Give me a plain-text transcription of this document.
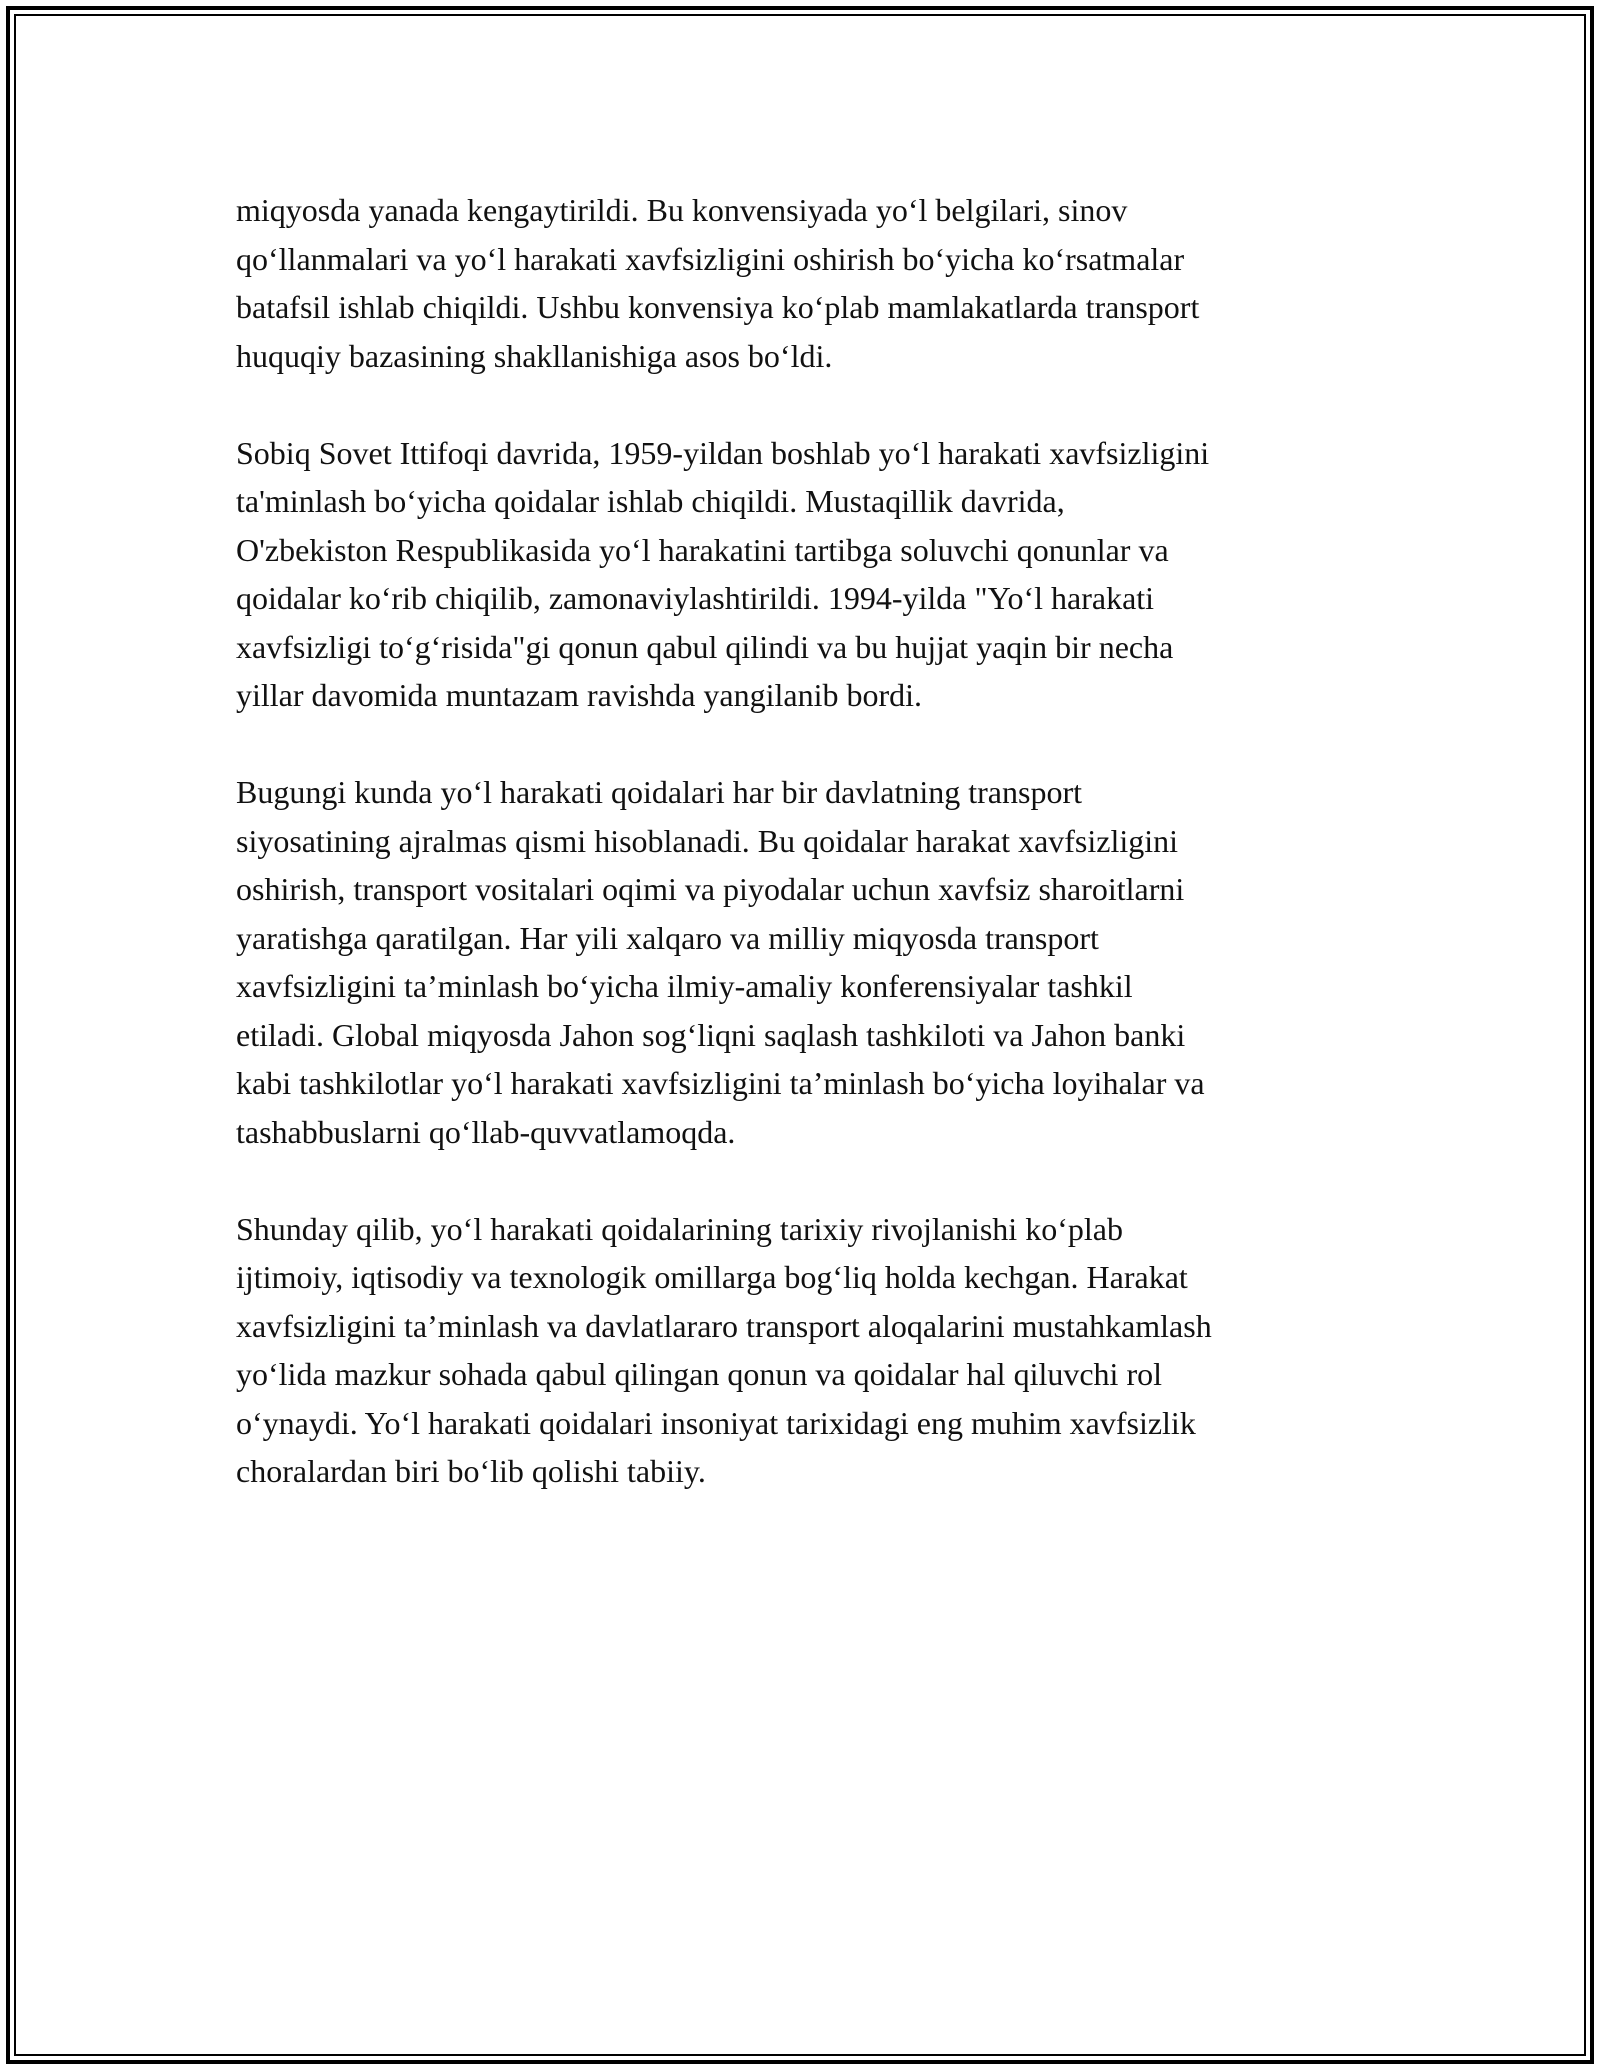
miqyosda yanada kengaytirildi. Bu konvensiyada yo‘l belgilari, sinov
qo‘llanmalari va yo‘l harakati xavfsizligini oshirish bo‘yicha ko‘rsatmalar
batafsil ishlab chiqildi. Ushbu konvensiya ko‘plab mamlakatlarda transport
huquqiy bazasining shakllanishiga asos bo‘ldi.

Sobiq Sovet Ittifoqi davrida, 1959-yildan boshlab yo‘l harakati xavfsizligini
ta'minlash bo‘yicha qoidalar ishlab chiqildi. Mustaqillik davrida,
O'zbekiston Respublikasida yo‘l harakatini tartibga soluvchi qonunlar va
qoidalar ko‘rib chiqilib, zamonaviylashtirildi. 1994-yilda "Yo‘l harakati
xavfsizligi to‘g‘risida"gi qonun qabul qilindi va bu hujjat yaqin bir necha
yillar davomida muntazam ravishda yangilanib bordi.

Bugungi kunda yo‘l harakati qoidalari har bir davlatning transport
siyosatining ajralmas qismi hisoblanadi. Bu qoidalar harakat xavfsizligini
oshirish, transport vositalari oqimi va piyodalar uchun xavfsiz sharoitlarni
yaratishga qaratilgan. Har yili xalqaro va milliy miqyosda transport
xavfsizligini ta’minlash bo‘yicha ilmiy-amaliy konferensiyalar tashkil
etiladi. Global miqyosda Jahon sog‘liqni saqlash tashkiloti va Jahon banki
kabi tashkilotlar yo‘l harakati xavfsizligini ta’minlash bo‘yicha loyihalar va
tashabbuslarni qo‘llab-quvvatlamoqda.

Shunday qilib, yo‘l harakati qoidalarining tarixiy rivojlanishi ko‘plab
ijtimoiy, iqtisodiy va texnologik omillarga bog‘liq holda kechgan. Harakat
xavfsizligini ta’minlash va davlatlararo transport aloqalarini mustahkamlash
yo‘lida mazkur sohada qabul qilingan qonun va qoidalar hal qiluvchi rol
o‘ynaydi. Yo‘l harakati qoidalari insoniyat tarixidagi eng muhim xavfsizlik
choralardan biri bo‘lib qolishi tabiiy.
